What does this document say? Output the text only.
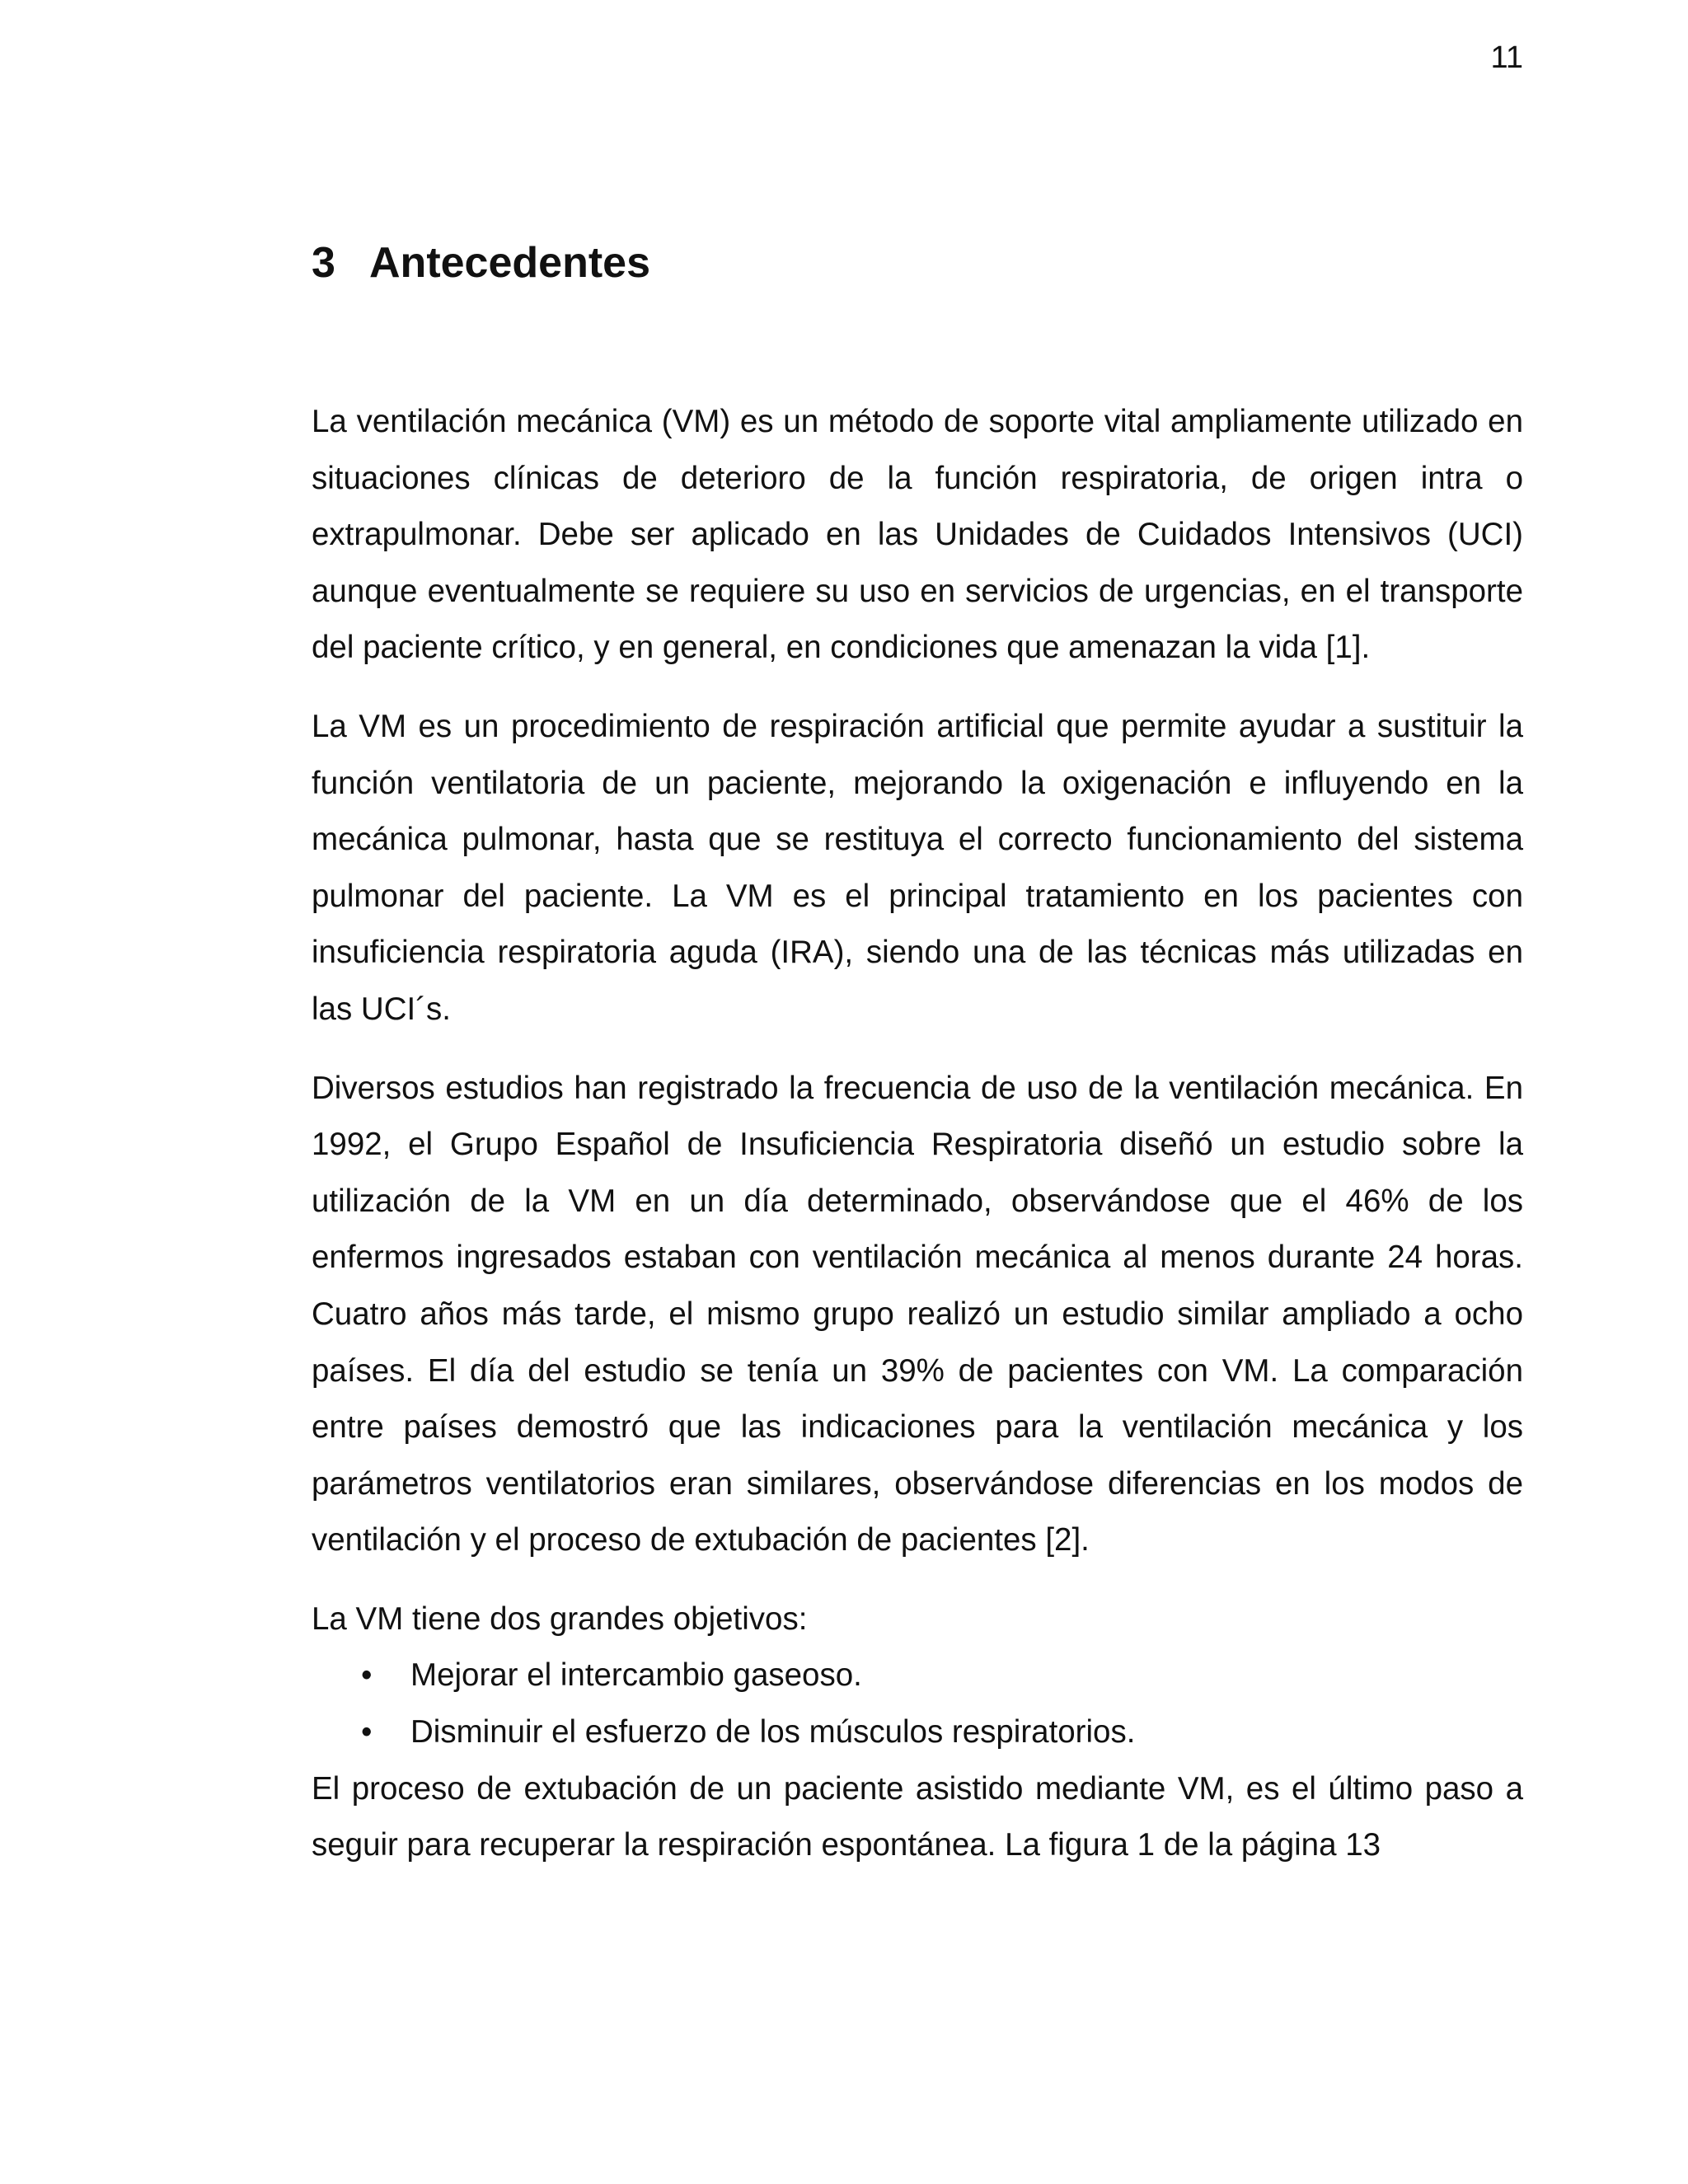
11
3 Antecedentes

La ventilación mecánica (VM) es un método de soporte vital ampliamente utilizado en situaciones clínicas de deterioro de la función respiratoria, de origen intra o extrapulmonar. Debe ser aplicado en las Unidades de Cuidados Intensivos (UCI) aunque eventualmente se requiere su uso en servicios de urgencias, en el transporte del paciente crítico, y en general, en condiciones que amenazan la vida [1].

La VM es un procedimiento de respiración artificial que permite ayudar a sustituir la función ventilatoria de un paciente, mejorando la oxigenación e influyendo en la mecánica pulmonar, hasta que se restituya el correcto funcionamiento del sistema pulmonar del paciente. La VM es el principal tratamiento en los pacientes con insuficiencia respiratoria aguda (IRA), siendo una de las técnicas más utilizadas en las UCI´s.

Diversos estudios han registrado la frecuencia de uso de la ventilación mecánica. En 1992, el Grupo Español de Insuficiencia Respiratoria diseñó un estudio sobre la utilización de la VM en un día determinado, observándose que el 46% de los enfermos ingresados estaban con ventilación mecánica al menos durante 24 horas. Cuatro años más tarde, el mismo grupo realizó un estudio similar ampliado a ocho países. El día del estudio se tenía un 39% de pacientes con VM. La comparación entre países demostró que las indicaciones para la ventilación mecánica y los parámetros ventilatorios eran similares, observándose diferencias en los modos de ventilación y el proceso de extubación de pacientes [2].

La VM tiene dos grandes objetivos:

• Mejorar el intercambio gaseoso.
• Disminuir el esfuerzo de los músculos respiratorios.

El proceso de extubación de un paciente asistido mediante VM, es el último paso a seguir para recuperar la respiración espontánea. La figura 1 de la página 13
